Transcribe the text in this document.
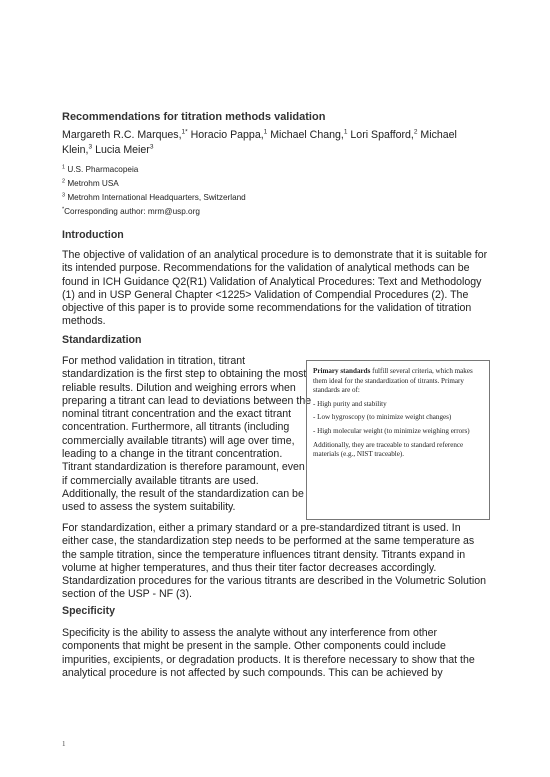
Recommendations for titration methods validation
Margareth R.C. Marques,$^{1*}$ Horacio Pappa,$^1$ Michael Chang,$^1$ Lori Spafford,$^2$ Michael
Klein,$^3$ Lucia Meier$^3$
$^1$ U.S. Pharmacopeia
$^2$ Metrohm USA
$^3$ Metrohm International Headquarters, Switzerland
*Corresponding author: mrm@usp.org
Introduction
The objective of validation of an analytical procedure is to demonstrate that it is suitable for its intended purpose. Recommendations for the validation of analytical methods can be found in ICH Guidance Q2(R1) Validation of Analytical Procedures: Text and Methodology (1) and in USP General Chapter <1225> Validation of Compendial Procedures (2). The objective of this paper is to provide some recommendations for the validation of titration methods.
Standardization
For method validation in titration, titrant standardization is the first step to obtaining the most reliable results. Dilution and weighing errors when preparing a titrant can lead to deviations between the nominal titrant concentration and the exact titrant concentration. Furthermore, all titrants (including commercially available titrants) will age over time, leading to a change in the titrant concentration. Titrant standardization is therefore paramount, even if commercially available titrants are used. Additionally, the result of the standardization can be used to assess the system suitability.

Primary standards fulfill several criteria, which makes them ideal for the standardization of titrants. Primary standards are of:

- High purity and stability

- Low hygroscopy (to minimize weight changes)

- High molecular weight (to minimize weighing errors)

Additionally, they are traceable to standard reference materials (e.g., NIST traceable).

For standardization, either a primary standard or a pre-standardized titrant is used. In either case, the standardization step needs to be performed at the same temperature as the sample titration, since the temperature influences titrant density. Titrants expand in volume at higher temperatures, and thus their titer factor decreases accordingly. Standardization procedures for the various titrants are described in the Volumetric Solution section of the USP - NF (3).
Specificity
Specificity is the ability to assess the analyte without any interference from other components that might be present in the sample. Other components could include impurities, excipients, or degradation products. It is therefore necessary to show that the analytical procedure is not affected by such compounds. This can be achieved by
1
